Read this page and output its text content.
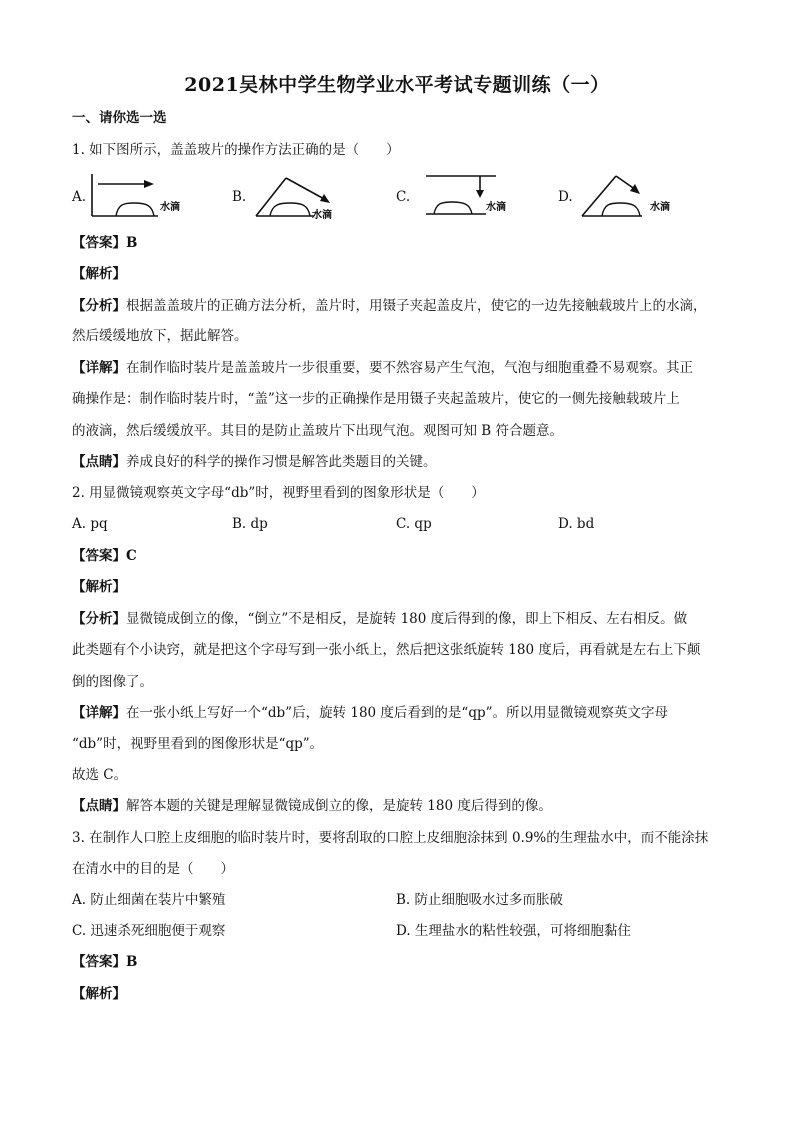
2021吴林中学生物学业水平考试专题训练（一）
一、请你选一选
1. 如下图所示，盖盖玻片的操作方法正确的是（　　）
A.
水滴
B.
水滴
C.
水滴
D.
水滴
【答案】B
【解析】
【分析】根据盖盖玻片的正确方法分析，盖片时，用镊子夹起盖皮片，使它的一边先接触载玻片上的水滴，
然后缓缓地放下，据此解答。
【详解】在制作临时装片是盖盖玻片一步很重要，要不然容易产生气泡，气泡与细胞重叠不易观察。其正
确操作是：制作临时装片时，“盖”这一步的正确操作是用镊子夹起盖玻片，使它的一侧先接触载玻片上
的液滴，然后缓缓放平。其目的是防止盖玻片下出现气泡。观图可知 B 符合题意。
【点睛】养成良好的科学的操作习惯是解答此类题目的关键。
2. 用显微镜观察英文字母“db”时，视野里看到的图象形状是（　　）
A. pq	B. dp	C. qp	D. bd
【答案】C
【解析】
【分析】显微镜成倒立的像，“倒立”不是相反，是旋转 180 度后得到的像，即上下相反、左右相反。做
此类题有个小诀窍，就是把这个字母写到一张小纸上，然后把这张纸旋转 180 度后，再看就是左右上下颠
倒的图像了。
【详解】在一张小纸上写好一个“db”后，旋转 180 度后看到的是“qp”。所以用显微镜观察英文字母
“db”时，视野里看到的图像形状是“qp”。
故选 C。
【点睛】解答本题的关键是理解显微镜成倒立的像，是旋转 180 度后得到的像。
3. 在制作人口腔上皮细胞的临时装片时，要将刮取的口腔上皮细胞涂抹到 0.9%的生理盐水中，而不能涂抹
在清水中的目的是（　　）
A. 防止细菌在装片中繁殖	B. 防止细胞吸水过多而胀破
C. 迅速杀死细胞便于观察	D. 生理盐水的粘性较强，可将细胞黏住
【答案】B
【解析】
